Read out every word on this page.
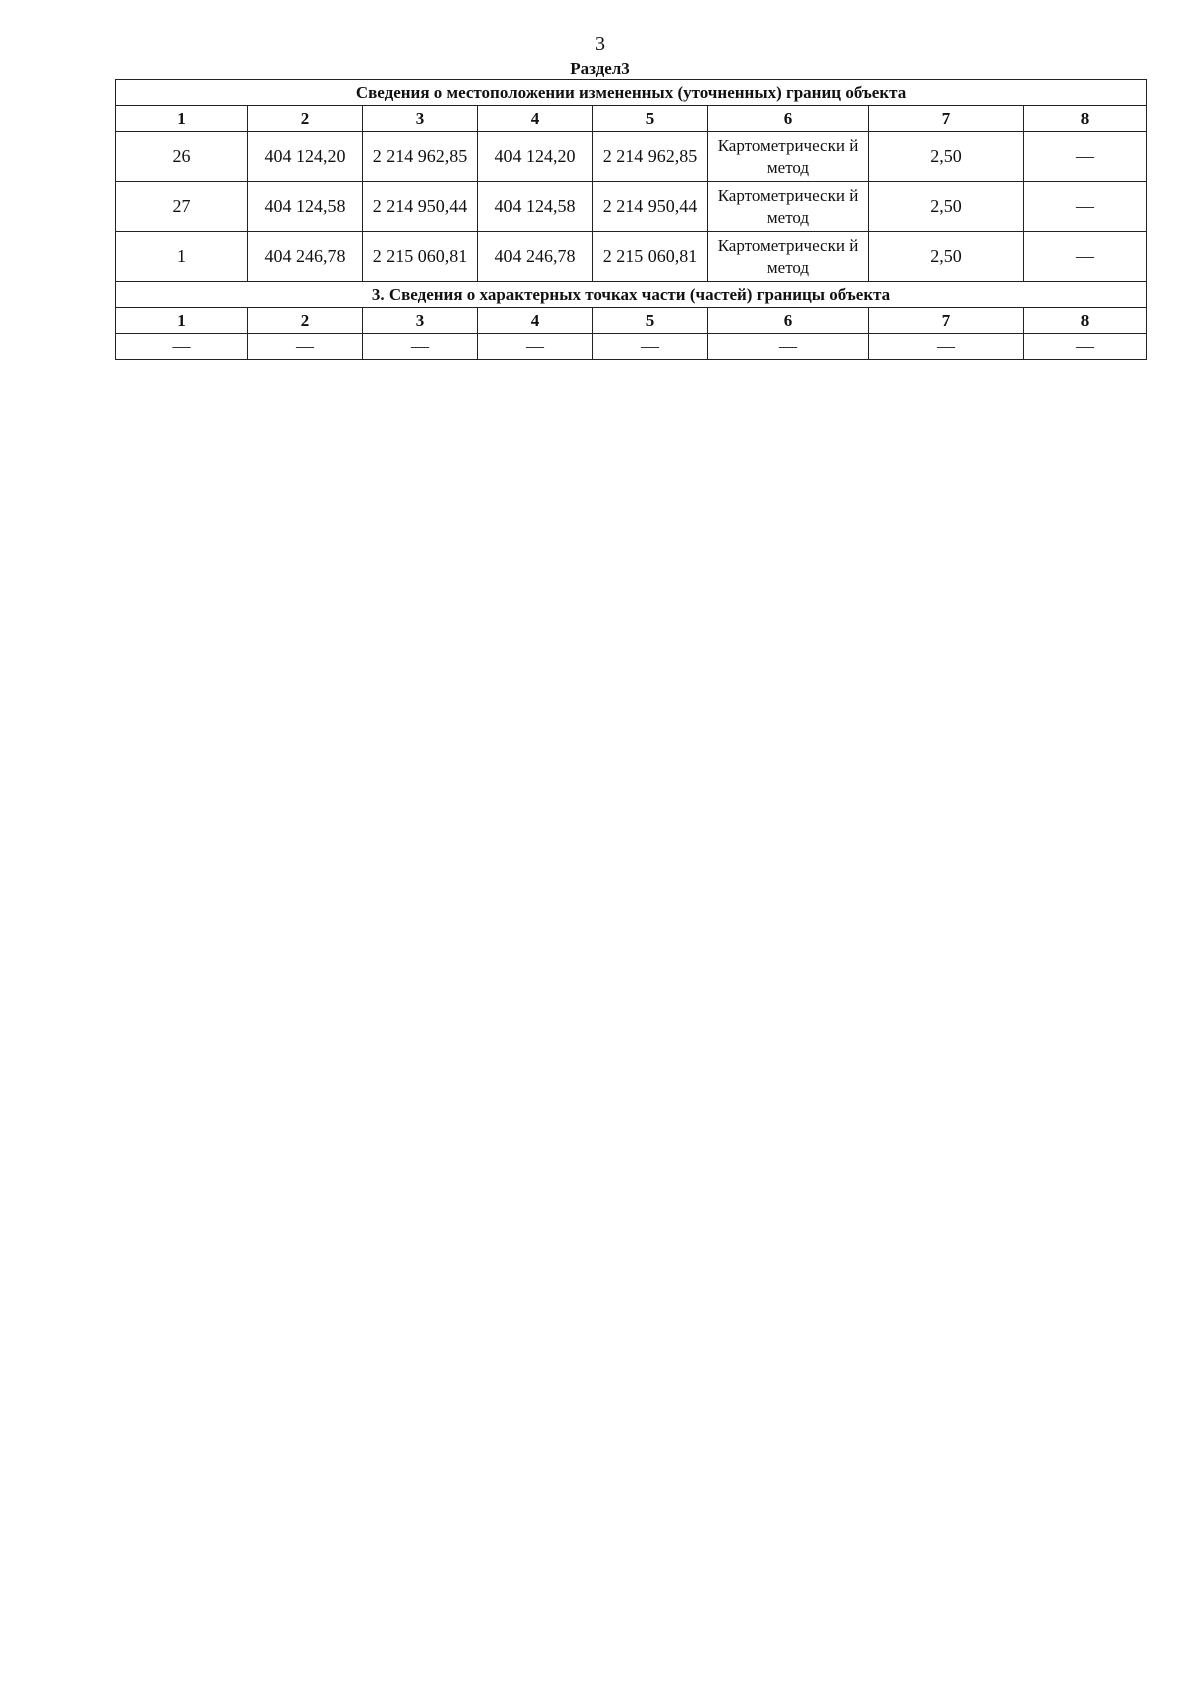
3
Раздел3
Сведения о местоположении измененных (уточненных) границ объекта							
1	2	3	4	5	6	7	8
26	404 124,20	2 214 962,85	404 124,20	2 214 962,85	Картометрически й метод	2,50	—
27	404 124,58	2 214 950,44	404 124,58	2 214 950,44	Картометрически й метод	2,50	—
1	404 246,78	2 215 060,81	404 246,78	2 215 060,81	Картометрически й метод	2,50	—
3. Сведения о характерных точках части (частей) границы объекта							
1	2	3	4	5	6	7	8
—	—	—	—	—	—	—	—
